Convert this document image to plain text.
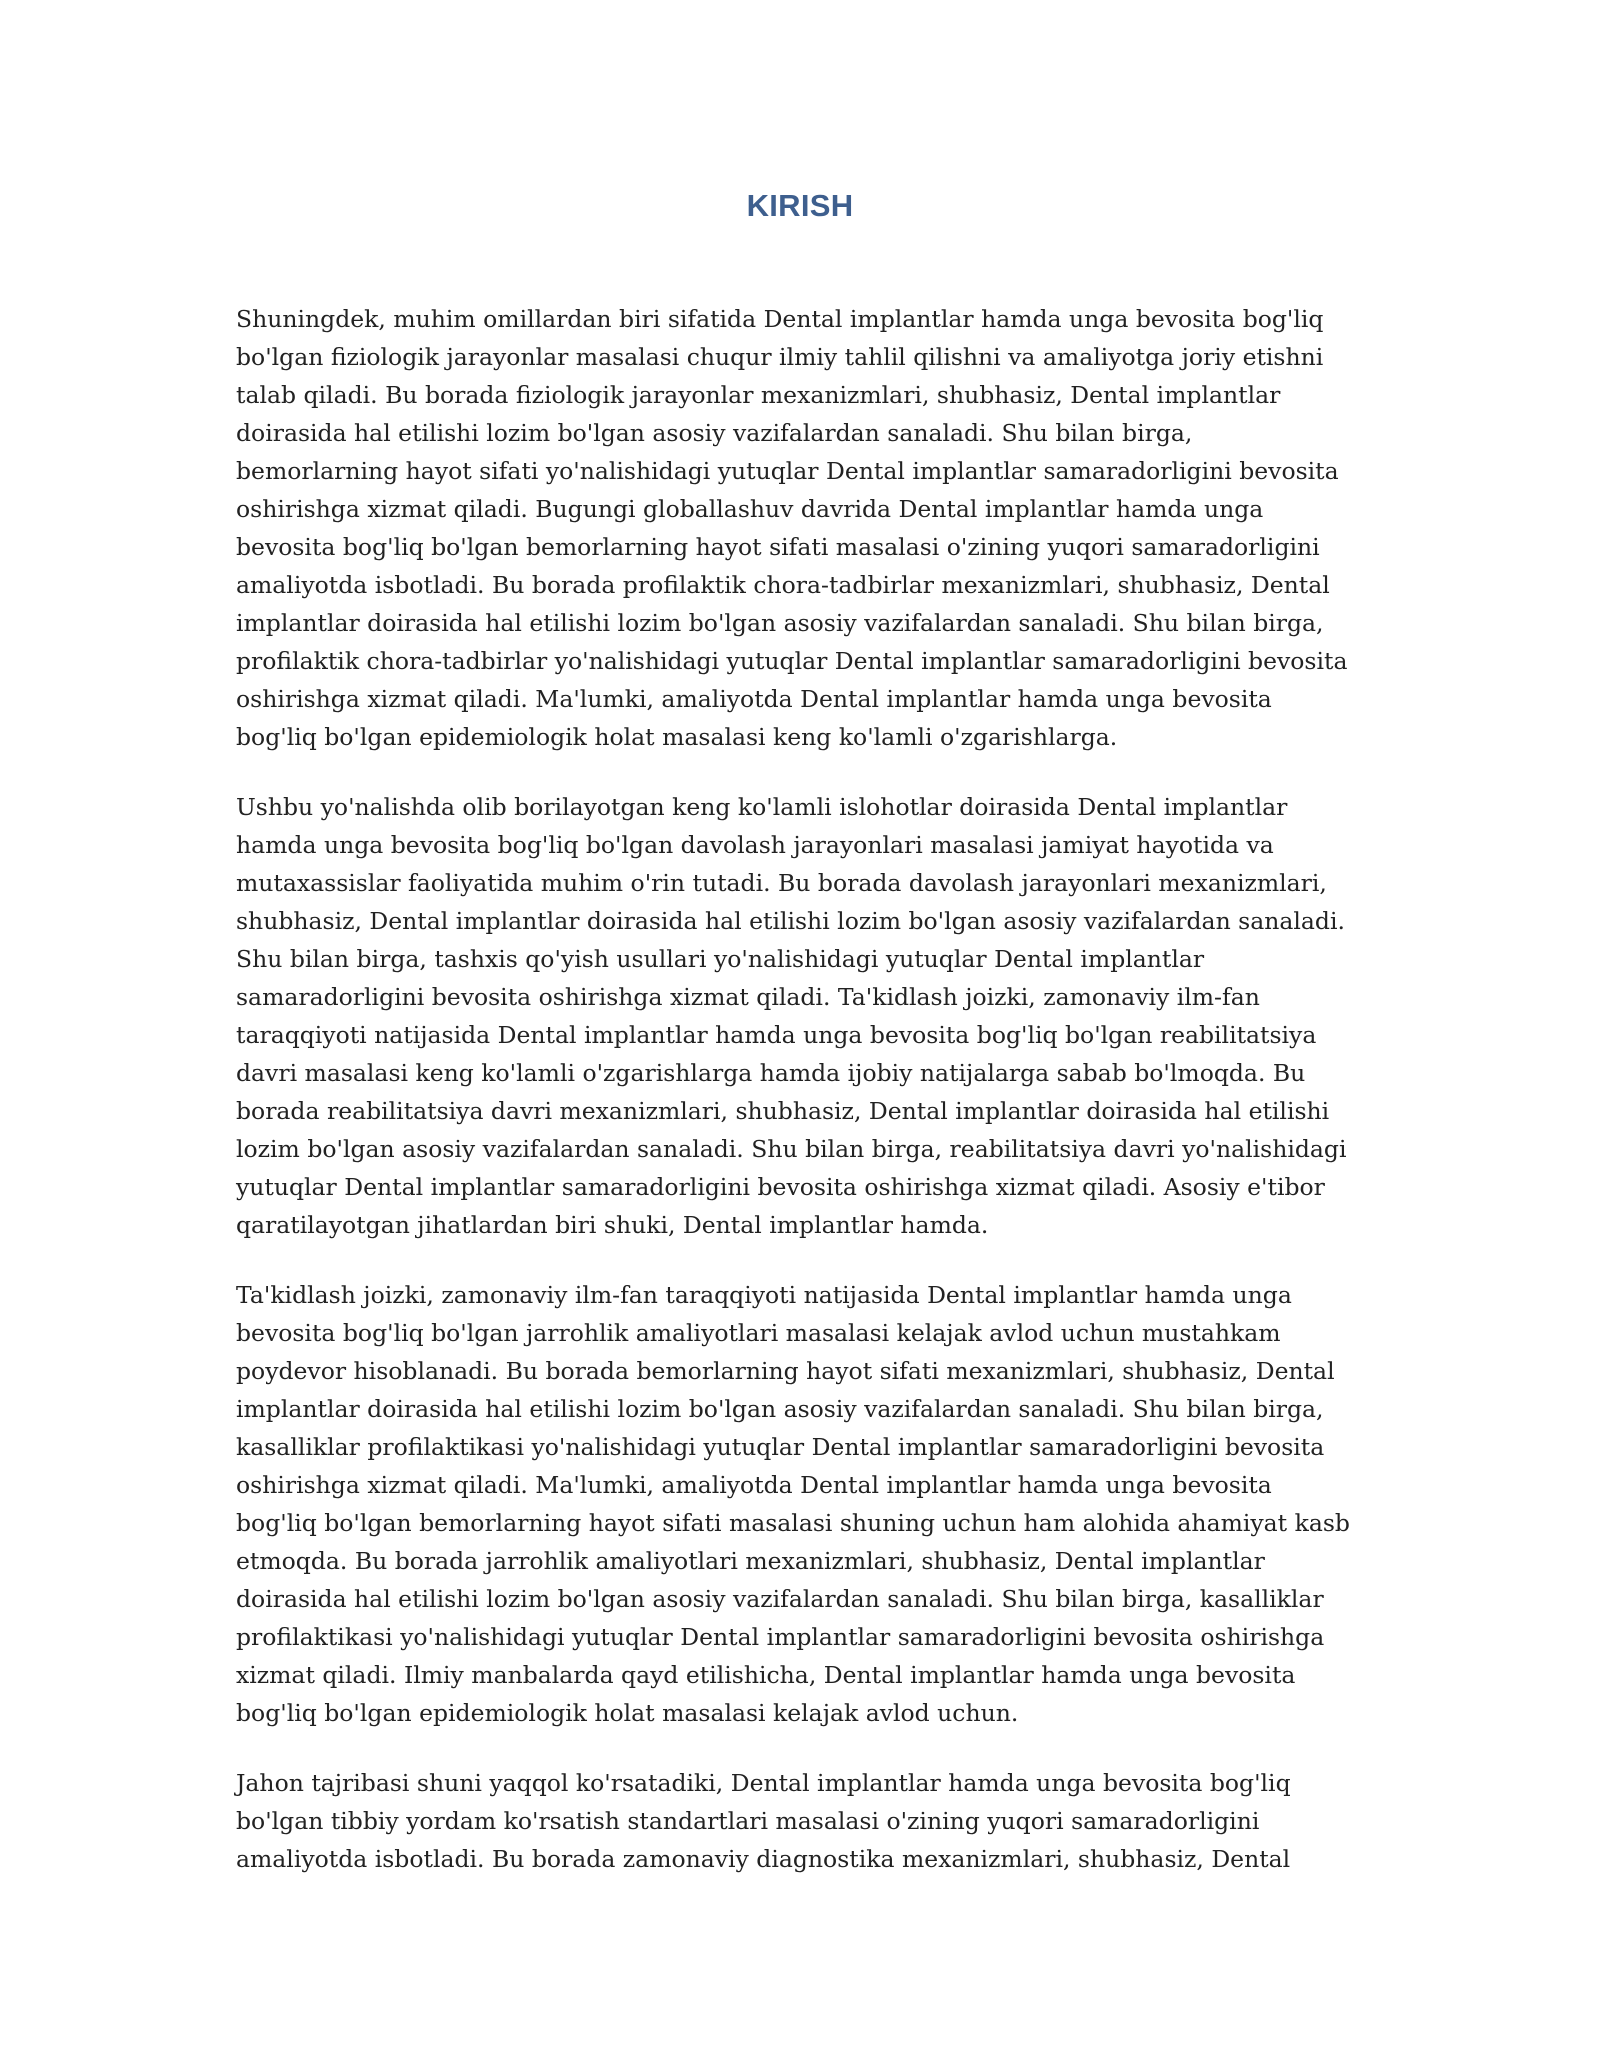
KIRISH

Shuningdek, muhim omillardan biri sifatida Dental implantlar hamda unga bevosita bog'liq bo'lgan fiziologik jarayonlar masalasi chuqur ilmiy tahlil qilishni va amaliyotga joriy etishni talab qiladi. Bu borada fiziologik jarayonlar mexanizmlari, shubhasiz, Dental implantlar doirasida hal etilishi lozim bo'lgan asosiy vazifalardan sanaladi. Shu bilan birga, bemorlarning hayot sifati yo'nalishidagi yutuqlar Dental implantlar samaradorligini bevosita oshirishga xizmat qiladi. Bugungi globallashuv davrida Dental implantlar hamda unga bevosita bog'liq bo'lgan bemorlarning hayot sifati masalasi o'zining yuqori samaradorligini amaliyotda isbotladi. Bu borada profilaktik chora-tadbirlar mexanizmlari, shubhasiz, Dental implantlar doirasida hal etilishi lozim bo'lgan asosiy vazifalardan sanaladi. Shu bilan birga, profilaktik chora-tadbirlar yo'nalishidagi yutuqlar Dental implantlar samaradorligini bevosita oshirishga xizmat qiladi. Ma'lumki, amaliyotda Dental implantlar hamda unga bevosita bog'liq bo'lgan epidemiologik holat masalasi keng ko'lamli o'zgarishlarga.

Ushbu yo'nalishda olib borilayotgan keng ko'lamli islohotlar doirasida Dental implantlar hamda unga bevosita bog'liq bo'lgan davolash jarayonlari masalasi jamiyat hayotida va mutaxassislar faoliyatida muhim o'rin tutadi. Bu borada davolash jarayonlari mexanizmlari, shubhasiz, Dental implantlar doirasida hal etilishi lozim bo'lgan asosiy vazifalardan sanaladi. Shu bilan birga, tashxis qo'yish usullari yo'nalishidagi yutuqlar Dental implantlar samaradorligini bevosita oshirishga xizmat qiladi. Ta'kidlash joizki, zamonaviy ilm-fan taraqqiyoti natijasida Dental implantlar hamda unga bevosita bog'liq bo'lgan reabilitatsiya davri masalasi keng ko'lamli o'zgarishlarga hamda ijobiy natijalarga sabab bo'lmoqda. Bu borada reabilitatsiya davri mexanizmlari, shubhasiz, Dental implantlar doirasida hal etilishi lozim bo'lgan asosiy vazifalardan sanaladi. Shu bilan birga, reabilitatsiya davri yo'nalishidagi yutuqlar Dental implantlar samaradorligini bevosita oshirishga xizmat qiladi. Asosiy e'tibor qaratilayotgan jihatlardan biri shuki, Dental implantlar hamda.

Ta'kidlash joizki, zamonaviy ilm-fan taraqqiyoti natijasida Dental implantlar hamda unga bevosita bog'liq bo'lgan jarrohlik amaliyotlari masalasi kelajak avlod uchun mustahkam poydevor hisoblanadi. Bu borada bemorlarning hayot sifati mexanizmlari, shubhasiz, Dental implantlar doirasida hal etilishi lozim bo'lgan asosiy vazifalardan sanaladi. Shu bilan birga, kasalliklar profilaktikasi yo'nalishidagi yutuqlar Dental implantlar samaradorligini bevosita oshirishga xizmat qiladi. Ma'lumki, amaliyotda Dental implantlar hamda unga bevosita bog'liq bo'lgan bemorlarning hayot sifati masalasi shuning uchun ham alohida ahamiyat kasb etmoqda. Bu borada jarrohlik amaliyotlari mexanizmlari, shubhasiz, Dental implantlar doirasida hal etilishi lozim bo'lgan asosiy vazifalardan sanaladi. Shu bilan birga, kasalliklar profilaktikasi yo'nalishidagi yutuqlar Dental implantlar samaradorligini bevosita oshirishga xizmat qiladi. Ilmiy manbalarda qayd etilishicha, Dental implantlar hamda unga bevosita bog'liq bo'lgan epidemiologik holat masalasi kelajak avlod uchun.

Jahon tajribasi shuni yaqqol ko'rsatadiki, Dental implantlar hamda unga bevosita bog'liq bo'lgan tibbiy yordam ko'rsatish standartlari masalasi o'zining yuqori samaradorligini amaliyotda isbotladi. Bu borada zamonaviy diagnostika mexanizmlari, shubhasiz, Dental
